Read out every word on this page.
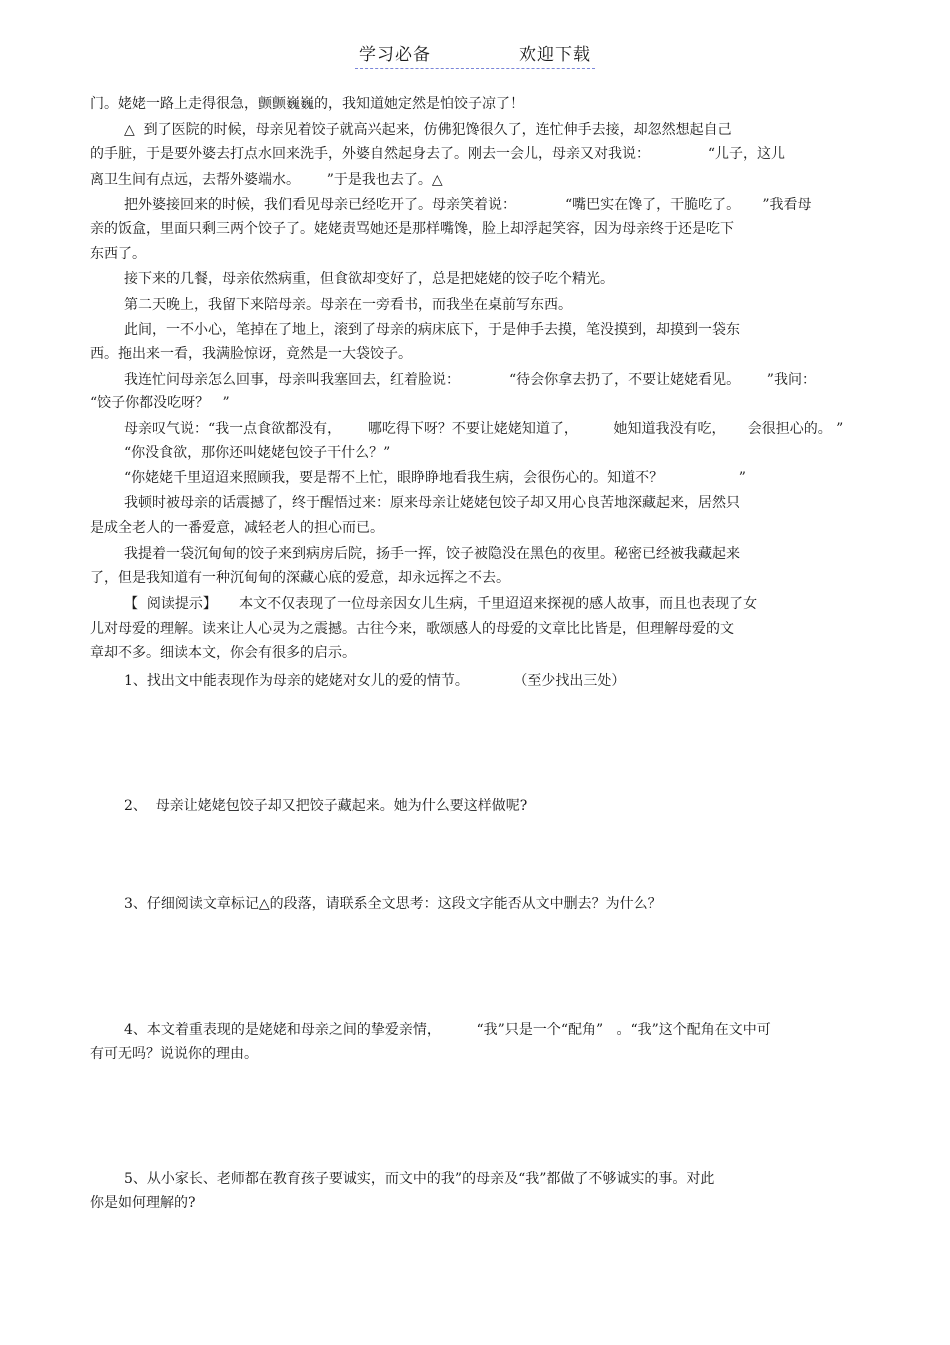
学习必备	欢迎下载
门。姥姥一路上走得很急，颤颤巍巍的，我知道她定然是怕饺子凉了！
△  到了医院的时候，母亲见着饺子就高兴起来，仿佛犯馋很久了，连忙伸手去接，却忽然想起自己
的手脏，于是要外婆去打点水回来洗手，外婆自然起身去了。刚去一会儿，母亲又对我说：             “儿子，这儿
离卫生间有点远，去帮外婆端水。      ”于是我也去了。△
把外婆接回来的时候，我们看见母亲已经吃开了。母亲笑着说：           “嘴巴实在馋了，干脆吃了。     ”我看母
亲的饭盒，里面只剩三两个饺子了。姥姥责骂她还是那样嘴馋，脸上却浮起笑容，因为母亲终于还是吃下
东西了。
接下来的几餐，母亲依然病重，但食欲却变好了，总是把姥姥的饺子吃个精光。
第二天晚上，我留下来陪母亲。母亲在一旁看书，而我坐在桌前写东西。
此间，一不小心，笔掉在了地上，滚到了母亲的病床底下，于是伸手去摸，笔没摸到，却摸到一袋东
西。拖出来一看，我满脸惊讶，竟然是一大袋饺子。
我连忙问母亲怎么回事，母亲叫我塞回去，红着脸说：           “待会你拿去扔了，不要让姥姥看见。      ”我问：
“饺子你都没吃呀？   ”
母亲叹气说：“我一点食欲都没有，      哪吃得下呀？不要让姥姥知道了，        她知道我没有吃，     会很担心的。 ”
“你没食欲，那你还叫姥姥包饺子干什么？”
“你姥姥千里迢迢来照顾我，要是帮不上忙，眼睁睁地看我生病，会很伤心的。知道不？                 ”
我顿时被母亲的话震撼了，终于醒悟过来：原来母亲让姥姥包饺子却又用心良苦地深藏起来，居然只
是成全老人的一番爱意，减轻老人的担心而已。
我提着一袋沉甸甸的饺子来到病房后院，扬手一挥，饺子被隐没在黑色的夜里。秘密已经被我藏起来
了，但是我知道有一种沉甸甸的深藏心底的爱意，却永远挥之不去。
【  阅读提示】     本文不仅表现了一位母亲因女儿生病，千里迢迢来探视的感人故事，而且也表现了女
儿对母爱的理解。读来让人心灵为之震撼。古往今来，歌颂感人的母爱的文章比比皆是，但理解母爱的文
章却不多。细读本文，你会有很多的启示。
1、找出文中能表现作为母亲的姥姥对女儿的爱的情节。          （至少找出三处）
2、  母亲让姥姥包饺子却又把饺子藏起来。她为什么要这样做呢?
3、仔细阅读文章标记△的段落，请联系全文思考：这段文字能否从文中删去？为什么？
4、本文着重表现的是姥姥和母亲之间的挚爱亲情，        “我”只是一个“配角”   。“我”这个配角在文中可
有可无吗？说说你的理由。
5、从小家长、老师都在教育孩子要诚实，而文中的我”的母亲及“我”都做了不够诚实的事。对此
你是如何理解的?
